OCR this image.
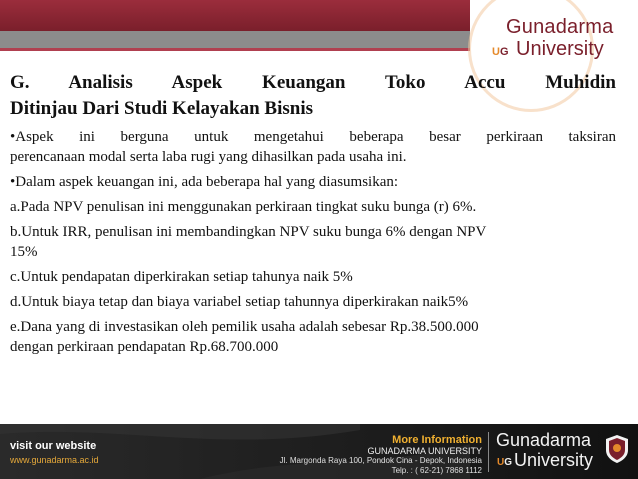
Gunadarma
UG University
G. Analisis Aspek Keuangan Toko Accu Muhidin
Ditinjau Dari Studi Kelayakan Bisnis
•Aspek ini berguna untuk mengetahui beberapa besar perkiraan taksiran
perencanaan modal serta laba rugi yang dihasilkan pada usaha ini.
•Dalam aspek keuangan ini, ada beberapa hal yang diasumsikan:
a.Pada NPV penulisan ini menggunakan perkiraan tingkat suku bunga (r) 6%.
b.Untuk IRR, penulisan ini membandingkan NPV suku bunga 6% dengan NPV
15%
c.Untuk pendapatan diperkirakan setiap tahunya naik 5%
d.Untuk biaya tetap dan biaya variabel setiap tahunnya diperkirakan naik5%
e.Dana yang di investasikan oleh pemilik usaha adalah sebesar Rp.38.500.000
dengan perkiraan pendapatan Rp.68.700.000
visit our website
www.gunadarma.ac.id
More Information
GUNADARMA UNIVERSITY
Jl. Margonda Raya 100, Pondok Cina - Depok, Indonesia
Telp. : ( 62-21) 7868 1112
Gunadarma
UG University
